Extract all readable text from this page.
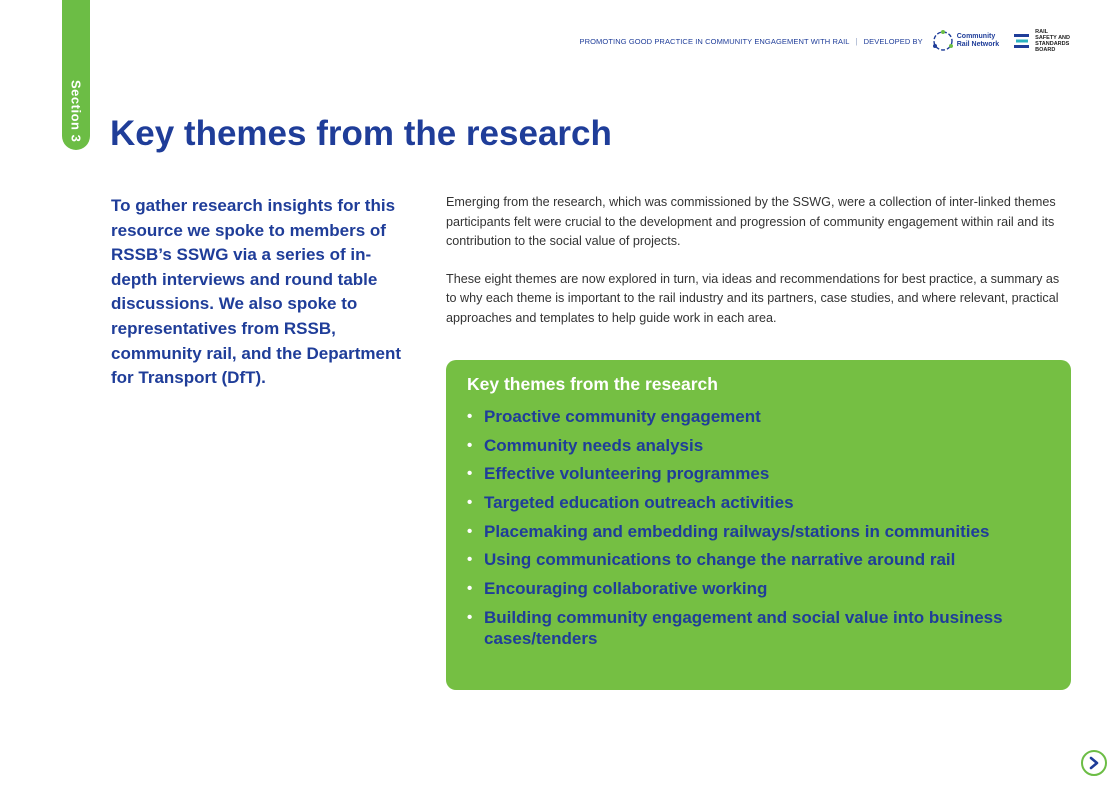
Section 3
PROMOTING GOOD PRACTICE IN COMMUNITY ENGAGEMENT WITH RAIL | DEVELOPED BY	Community
Rail Network
RAIL
SAFETY AND
STANDARDS
BOARD
Key themes from the research

To gather research insights for this resource we spoke to members of RSSB’s SSWG via a series of in-depth interviews and round table discussions. We also spoke to representatives from RSSB, community rail, and the Department for Transport (DfT).

Emerging from the research, which was commissioned by the SSWG, were a collection of inter-linked themes participants felt were crucial to the development and progression of community engagement within rail and its contribution to the social value of projects.

These eight themes are now explored in turn, via ideas and recommendations for best practice, a summary as to why each theme is important to the rail industry and its partners, case studies, and where relevant, practical approaches and templates to help guide work in each area.

Key themes from the research
• Proactive community engagement
• Community needs analysis
• Effective volunteering programmes
• Targeted education outreach activities
• Placemaking and embedding railways/stations in communities
• Using communications to change the narrative around rail
• Encouraging collaborative working
• Building community engagement and social value into business cases/tenders
